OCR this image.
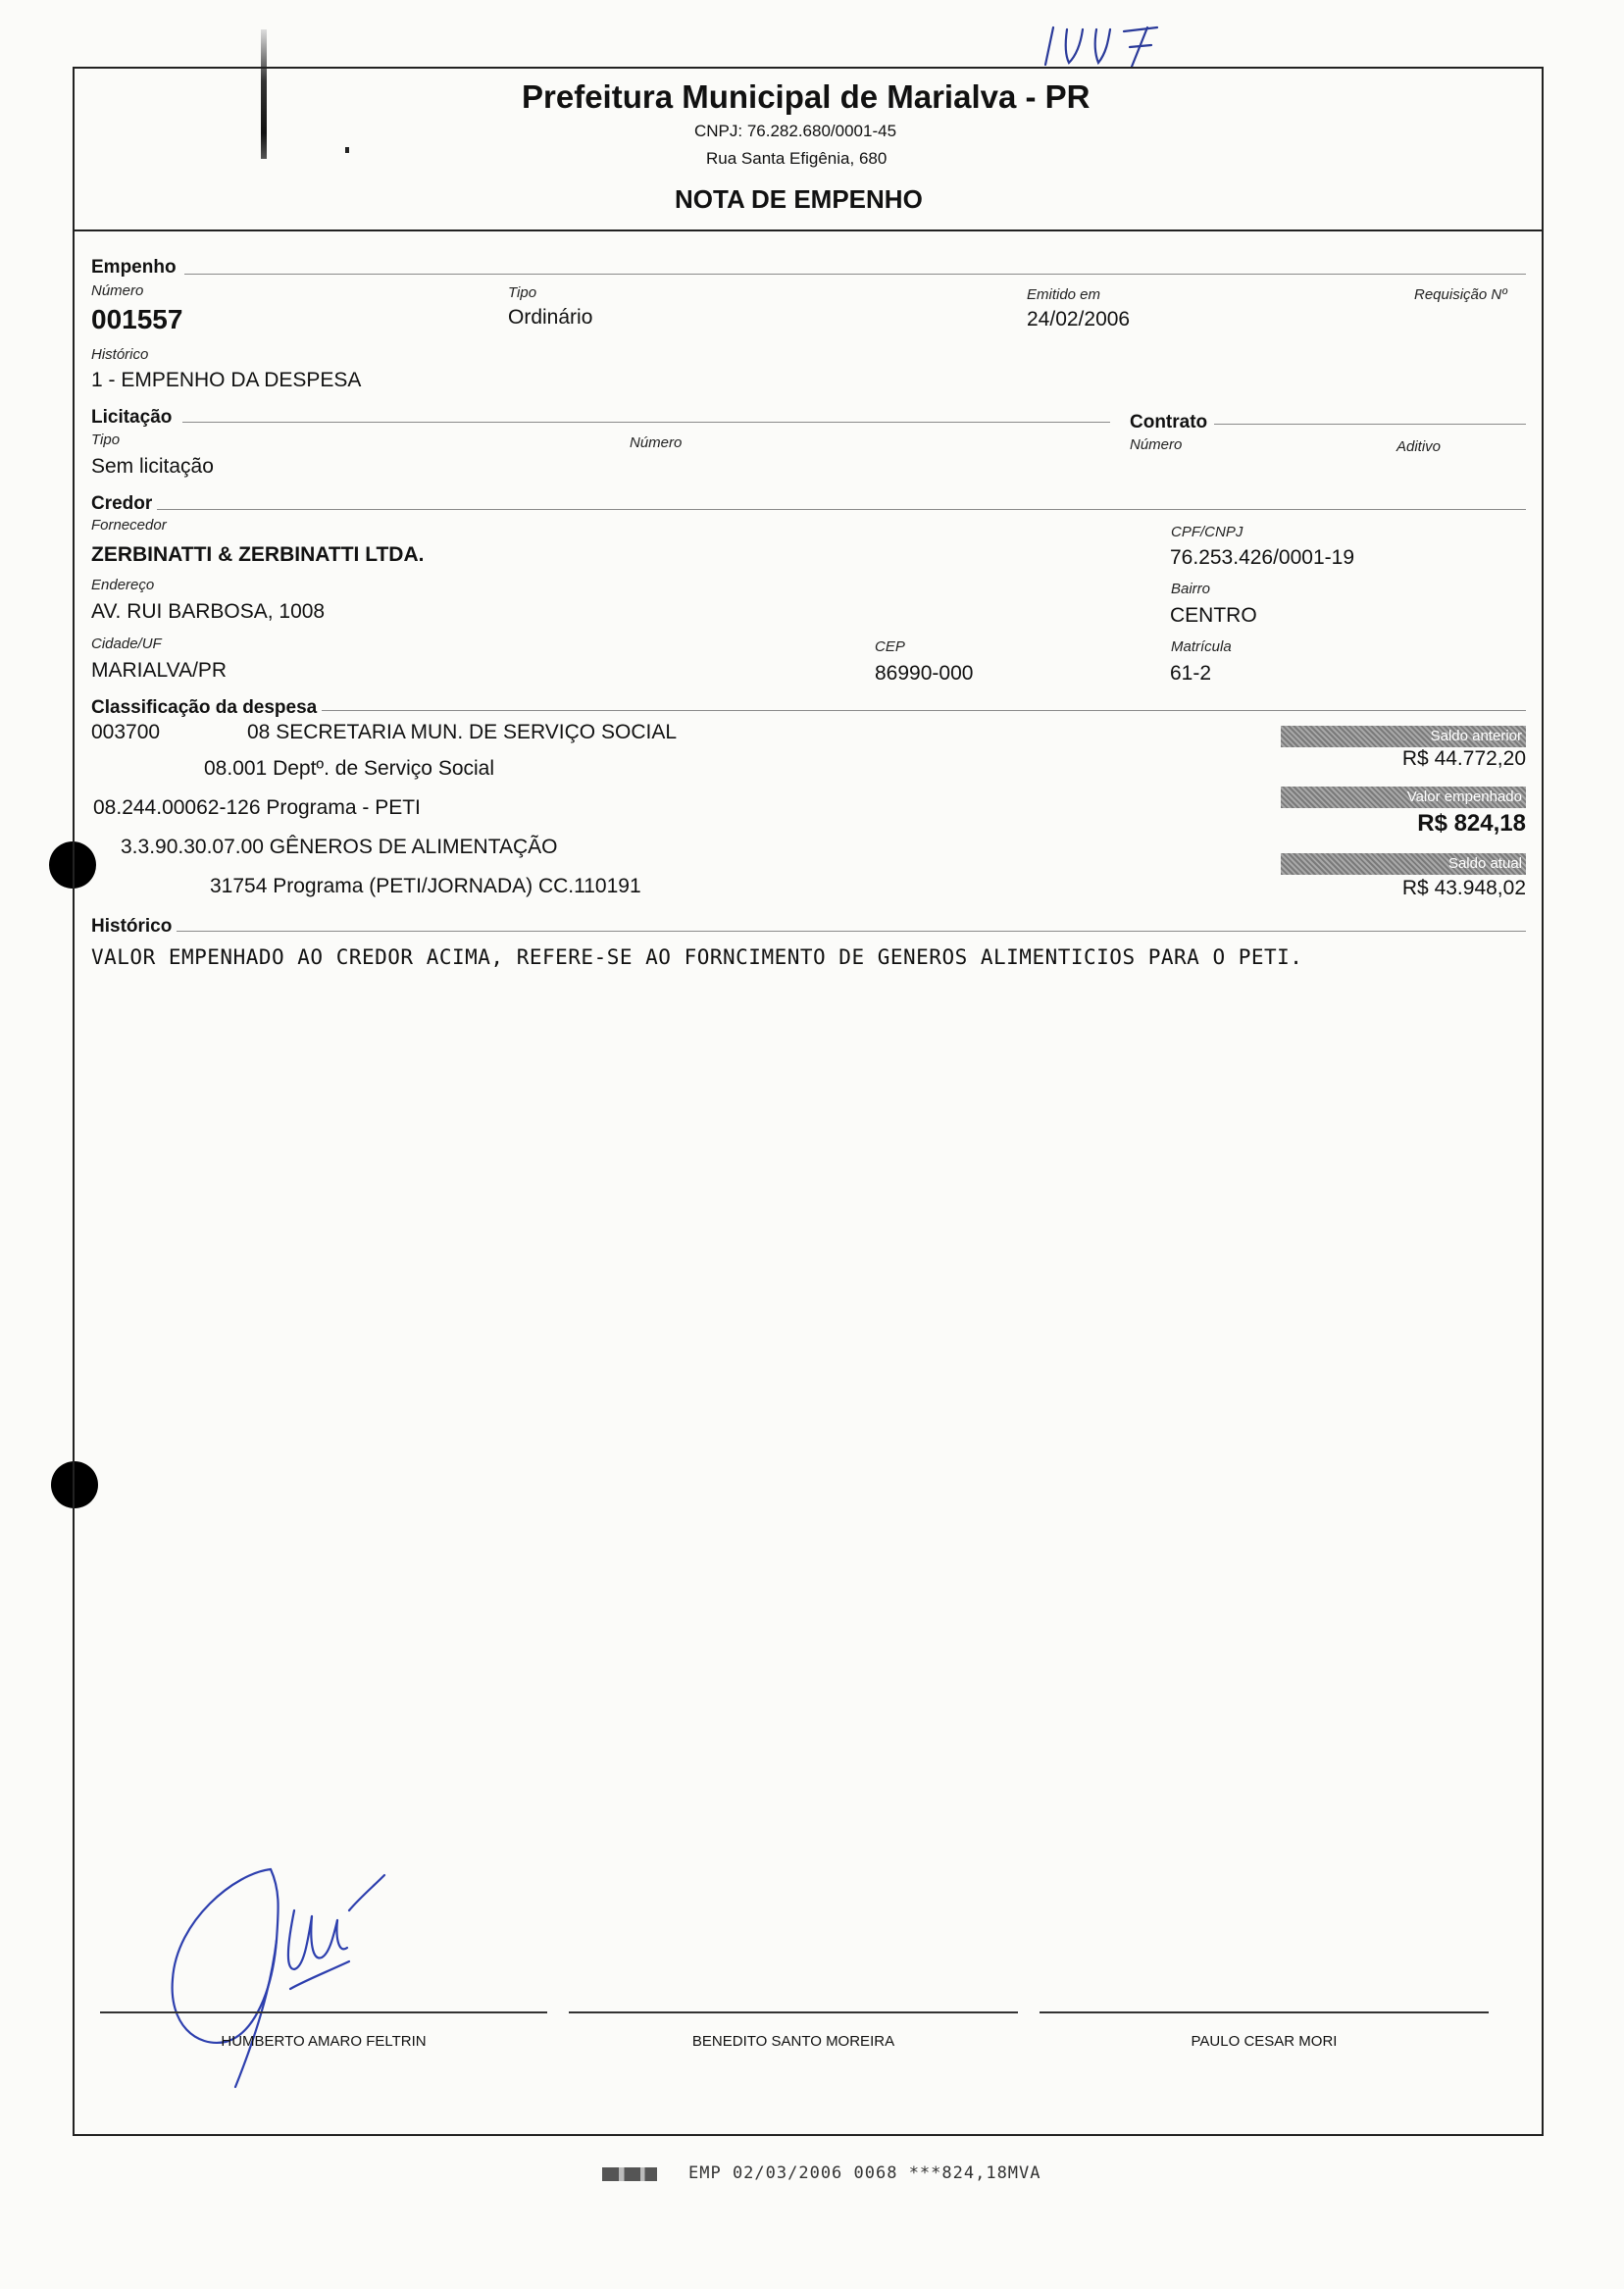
Prefeitura Municipal de Marialva - PR
CNPJ: 76.282.680/0001-45
Rua Santa Efigênia, 680
NOTA DE EMPENHO
Empenho
Número
001557
Tipo
Ordinário
Emitido em
24/02/2006
Requisição Nº
Histórico
1 - EMPENHO DA DESPESA
Licitação	Contrato
Tipo
Sem licitação
Número	Número	Aditivo
Credor
Fornecedor
ZERBINATTI & ZERBINATTI LTDA.
CPF/CNPJ
76.253.426/0001-19
Endereço
AV. RUI BARBOSA, 1008
Bairro
CENTRO
Cidade/UF
MARIALVA/PR
CEP
86990-000
Matrícula
61-2
Classificação da despesa
003700	08 SECRETARIA MUN. DE SERVIÇO SOCIAL
08.001 Deptº. de Serviço Social
08.244.00062-126 Programa - PETI
3.3.90.30.07.00 GÊNEROS DE ALIMENTAÇÃO
31754 Programa (PETI/JORNADA) CC.110191
Saldo anterior
R$ 44.772,20
Valor empenhado
R$ 824,18
Saldo atual
R$ 43.948,02
Histórico
VALOR EMPENHADO AO CREDOR ACIMA, REFERE-SE AO FORNCIMENTO DE GENEROS ALIMENTICIOS PARA O PETI.
HUMBERTO AMARO FELTRIN	BENEDITO SANTO MOREIRA	PAULO CESAR MORI
EMP 02/03/2006 0068 ***824,18MVA
